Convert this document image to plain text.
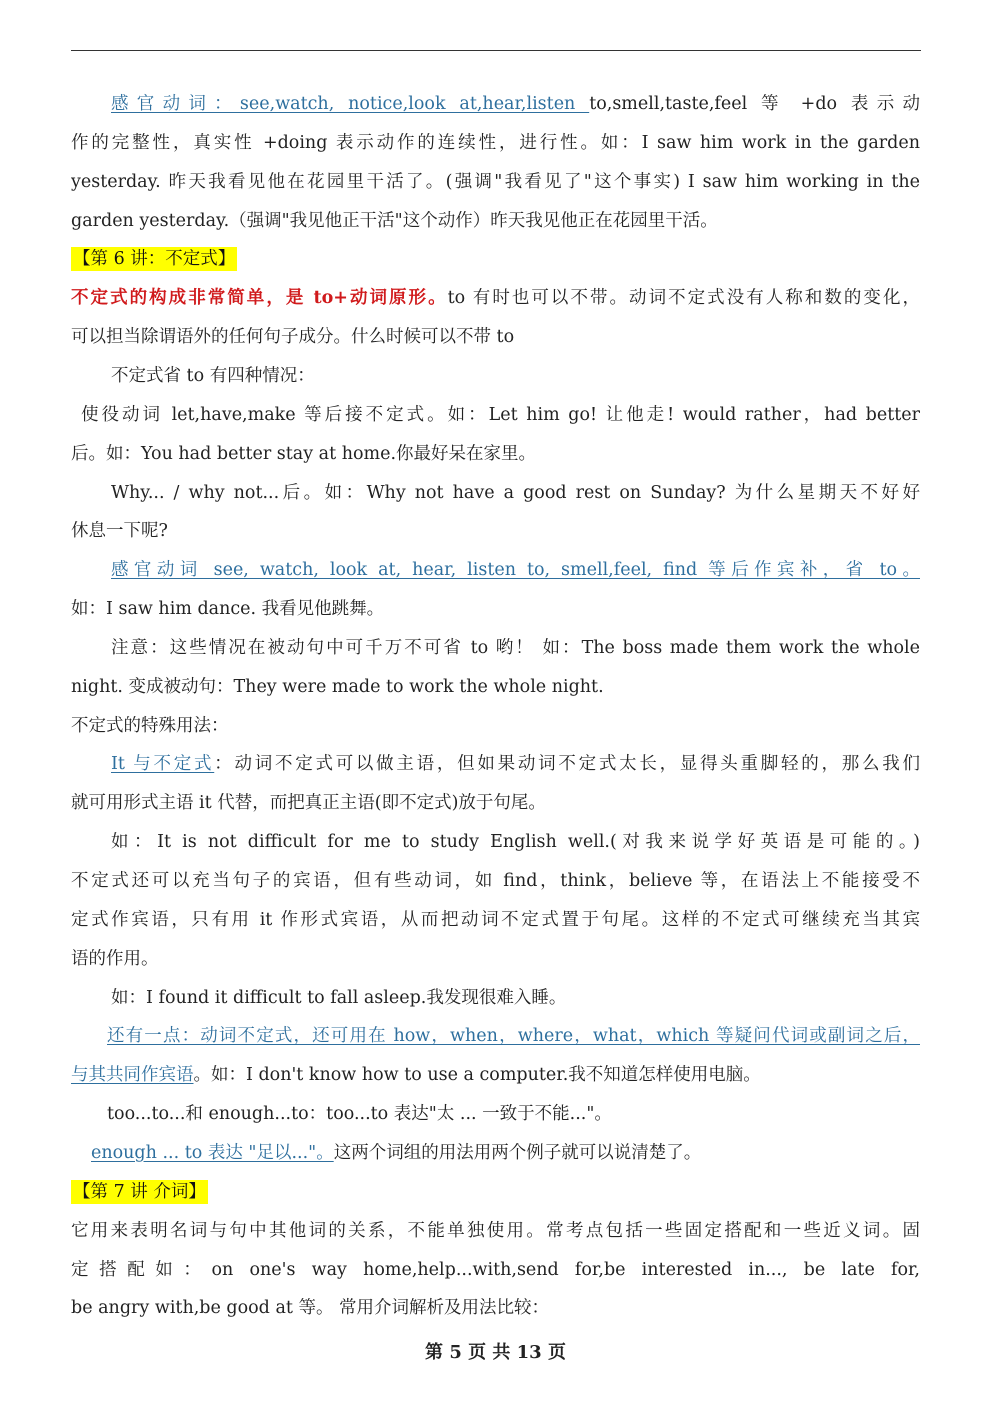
感官动词：see,watch, notice,look at,hear,listen to,smell,taste,feel 等 +do 表示动
作的完整性，真实性 +doing 表示动作的连续性，进行性。如：I saw him work in the garden
yesterday. 昨天我看见他在花园里干活了。(强调"我看见了"这个事实) I saw him working in the
garden yesterday.（强调"我见他正干活"这个动作）昨天我见他正在花园里干活。
【第 6 讲：不定式】
不定式的构成非常简单，是 to+动词原形。to 有时也可以不带。动词不定式没有人称和数的变化，
可以担当除谓语外的任何句子成分。什么时候可以不带 to
不定式省 to 有四种情况：
使役动词 let,have,make 等后接不定式。如：Let him go! 让他走! would rather，had better
后。如：You had better stay at home.你最好呆在家里。
Why... / why not...后。如：Why not have a good rest on Sunday? 为什么星期天不好好
休息一下呢?
感官动词 see, watch, look at, hear, listen to, smell,feel, find 等后作宾补，省 to。
如：I saw him dance. 我看见他跳舞。
注意：这些情况在被动句中可千万不可省 to 哟！ 如：The boss made them work the whole
night. 变成被动句：They were made to work the whole night.
不定式的特殊用法：
It 与不定式：动词不定式可以做主语，但如果动词不定式太长，显得头重脚轻的，那么我们
就可用形式主语 it 代替，而把真正主语(即不定式)放于句尾。
如：It is not difficult for me to study English well.(对我来说学好英语是可能的。)
不定式还可以充当句子的宾语，但有些动词，如 find，think，believe 等，在语法上不能接受不
定式作宾语，只有用 it 作形式宾语，从而把动词不定式置于句尾。这样的不定式可继续充当其宾
语的作用。
如：I found it difficult to fall asleep.我发现很难入睡。
还有一点：动词不定式，还可用在 how，when，where，what，which 等疑问代词或副词之后，
与其共同作宾语。如：I don't know how to use a computer.我不知道怎样使用电脑。
too...to...和 enough...to：too...to 表达"太 ... 一致于不能..."。
enough ... to 表达 "足以..."。这两个词组的用法用两个例子就可以说清楚了。
【第 7 讲 介词】
它用来表明名词与句中其他词的关系，不能单独使用。常考点包括一些固定搭配和一些近义词。固
定搭配如：on one's way home,help...with,send for,be interested in..., be late for,
be angry with,be good at 等。 常用介词解析及用法比较：
第 5 页 共 13 页
